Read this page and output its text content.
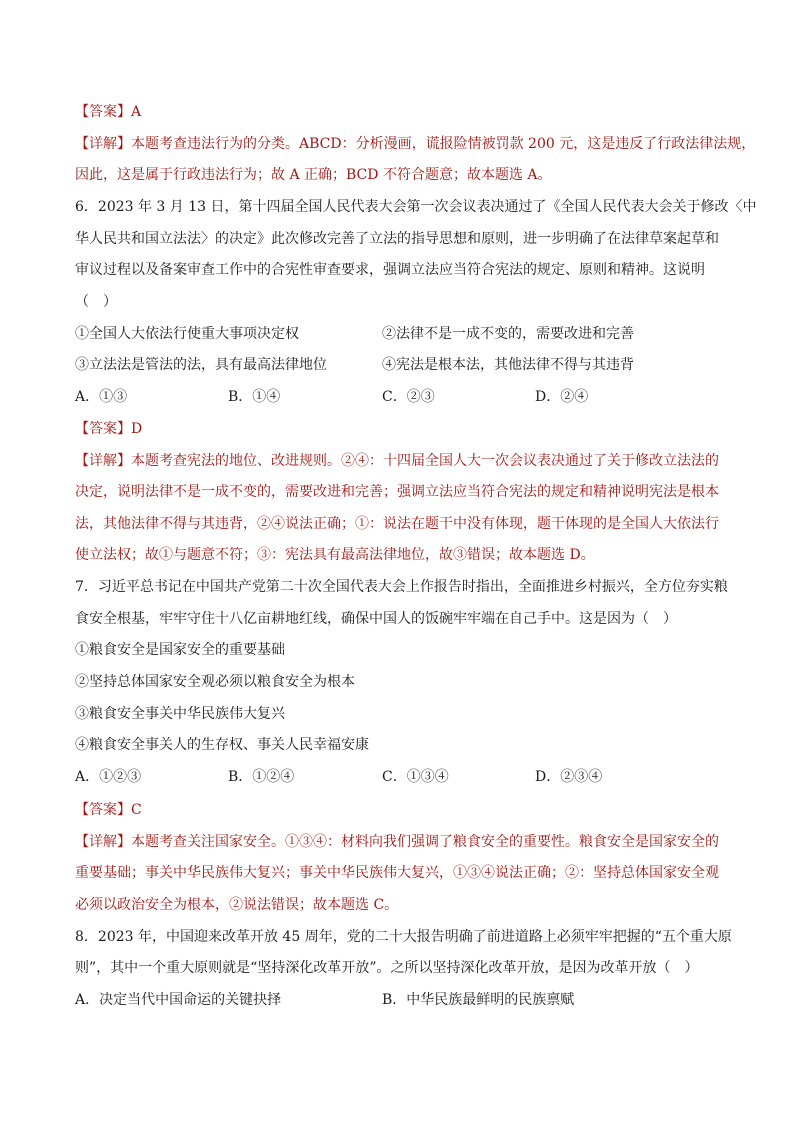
【答案】A
【详解】本题考查违法行为的分类。ABCD：分析漫画，谎报险情被罚款 200 元，这是违反了行政法律法规，
因此，这是属于行政违法行为；故 A 正确；BCD 不符合题意；故本题选 A。
6．2023 年 3 月 13 日，第十四届全国人民代表大会第一次会议表决通过了《全国人民代表大会关于修改〈中
华人民共和国立法法〉的决定》此次修改完善了立法的指导思想和原则，进一步明确了在法律草案起草和
审议过程以及备案审查工作中的合宪性审查要求，强调立法应当符合宪法的规定、原则和精神。这说明
（　）
①全国人大依法行使重大事项决定权	②法律不是一成不变的，需要改进和完善
③立法法是管法的法，具有最高法律地位	④宪法是根本法，其他法律不得与其违背
A．①③	B．①④	C．②③	D．②④
【答案】D
【详解】本题考查宪法的地位、改进规则。②④：十四届全国人大一次会议表决通过了关于修改立法法的
决定，说明法律不是一成不变的，需要改进和完善；强调立法应当符合宪法的规定和精神说明宪法是根本
法，其他法律不得与其违背，②④说法正确；①：说法在题干中没有体现，题干体现的是全国人大依法行
使立法权；故①与题意不符；③：宪法具有最高法律地位，故③错误；故本题选 D。
7．习近平总书记在中国共产党第二十次全国代表大会上作报告时指出，全面推进乡村振兴，全方位夯实粮
食安全根基，牢牢守住十八亿亩耕地红线，确保中国人的饭碗牢牢端在自己手中。这是因为（　）
①粮食安全是国家安全的重要基础
②坚持总体国家安全观必须以粮食安全为根本
③粮食安全事关中华民族伟大复兴
④粮食安全事关人的生存权、事关人民幸福安康
A．①②③	B．①②④	C．①③④	D．②③④
【答案】C
【详解】本题考查关注国家安全。①③④：材料向我们强调了粮食安全的重要性。粮食安全是国家安全的
重要基础；事关中华民族伟大复兴；事关中华民族伟大复兴，①③④说法正确；②：坚持总体国家安全观
必须以政治安全为根本，②说法错误；故本题选 C。
8．2023 年，中国迎来改革开放 45 周年，党的二十大报告明确了前进道路上必须牢牢把握的“五个重大原
则”，其中一个重大原则就是“坚持深化改革开放”。之所以坚持深化改革开放，是因为改革开放（　）
A．决定当代中国命运的关键抉择	B．中华民族最鲜明的民族禀赋
